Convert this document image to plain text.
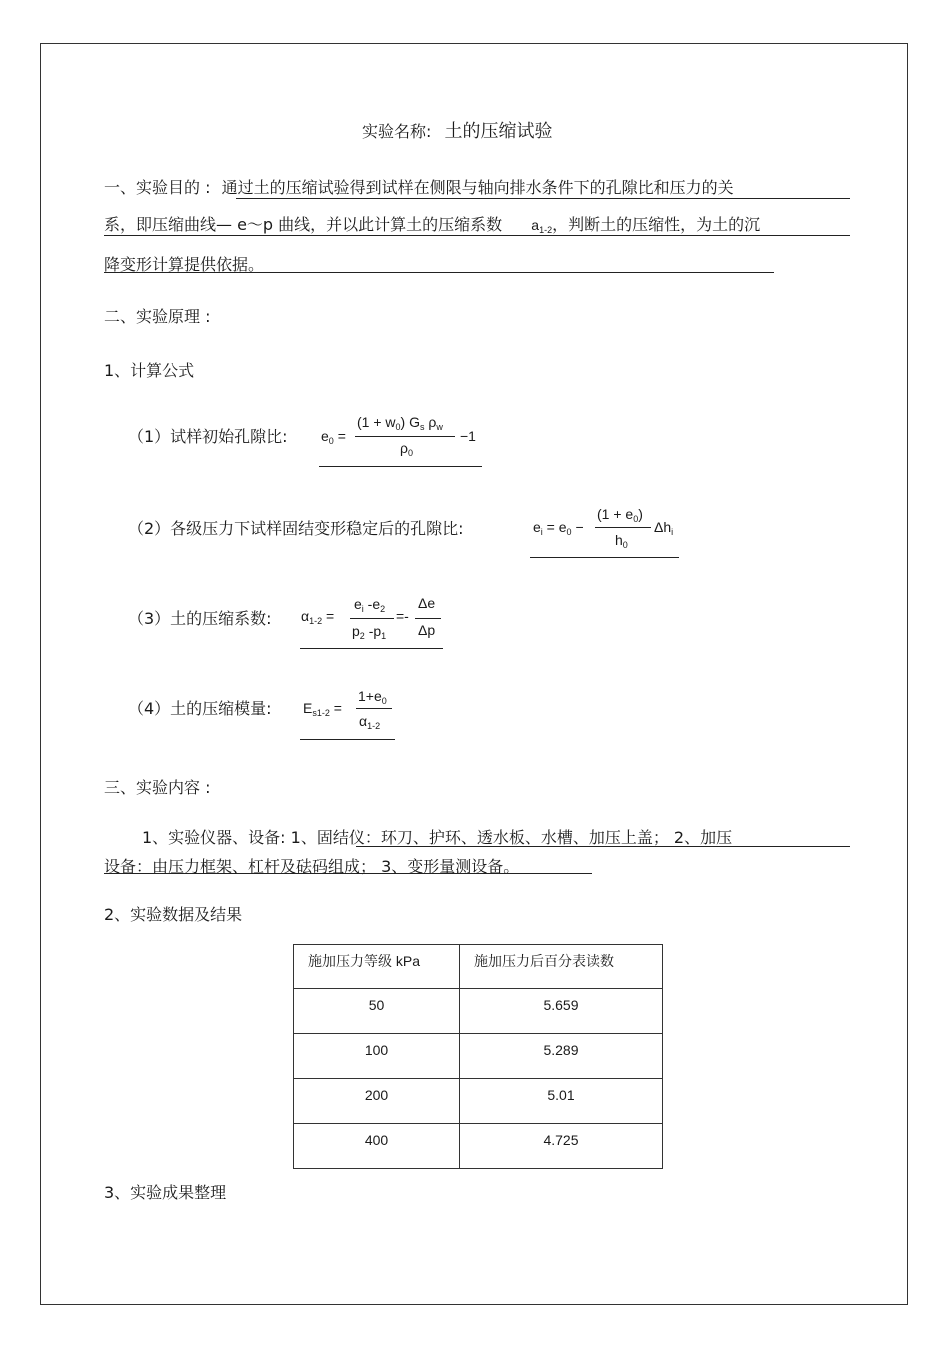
实验名称: 土的压缩试验
一、实验目的 : 通过土的压缩试验得到试样在侧限与轴向排水条件下的孔隙比和压力的关
系，即压缩曲线— e～p 曲线，并以此计算土的压缩系数 $a_{1-2}$，判断土的压缩性，为土的沉
降变形计算提供依据。
二、实验原理 :
1、计算公式
（1）试样初始孔隙比: $e_0$ =
$(1 + w_0)$ $G_s$ $\rho_w$
$\rho_0$
−1
（2）各级压力下试样固结变形稳定后的孔隙比:	$e_i = e_0$ −
$(1 + e_0)$
$h_0$
$\Delta h_i$
（3）土的压缩系数: $\alpha_{1-2}$ =
$e_i$ $-e_2$
$p_2$ $-p_1$
=-
Δe
Δp
（4）土的压缩模量: $E_{s1-2}$ =
$1+e_0$
$\alpha_{1-2}$
三、实验内容 :
1、实验仪器、设备: 1、固结仪：环刀、护环、透水板、水槽、加压上盖； 2、加压
设备：由压力框架、杠杆及砝码组成； 3、变形量测设备。
2、实验数据及结果
施加压力等级 kPa	施加压力后百分表读数
50	5.659
100	5.289
200	5.01
400	4.725
3、实验成果整理
